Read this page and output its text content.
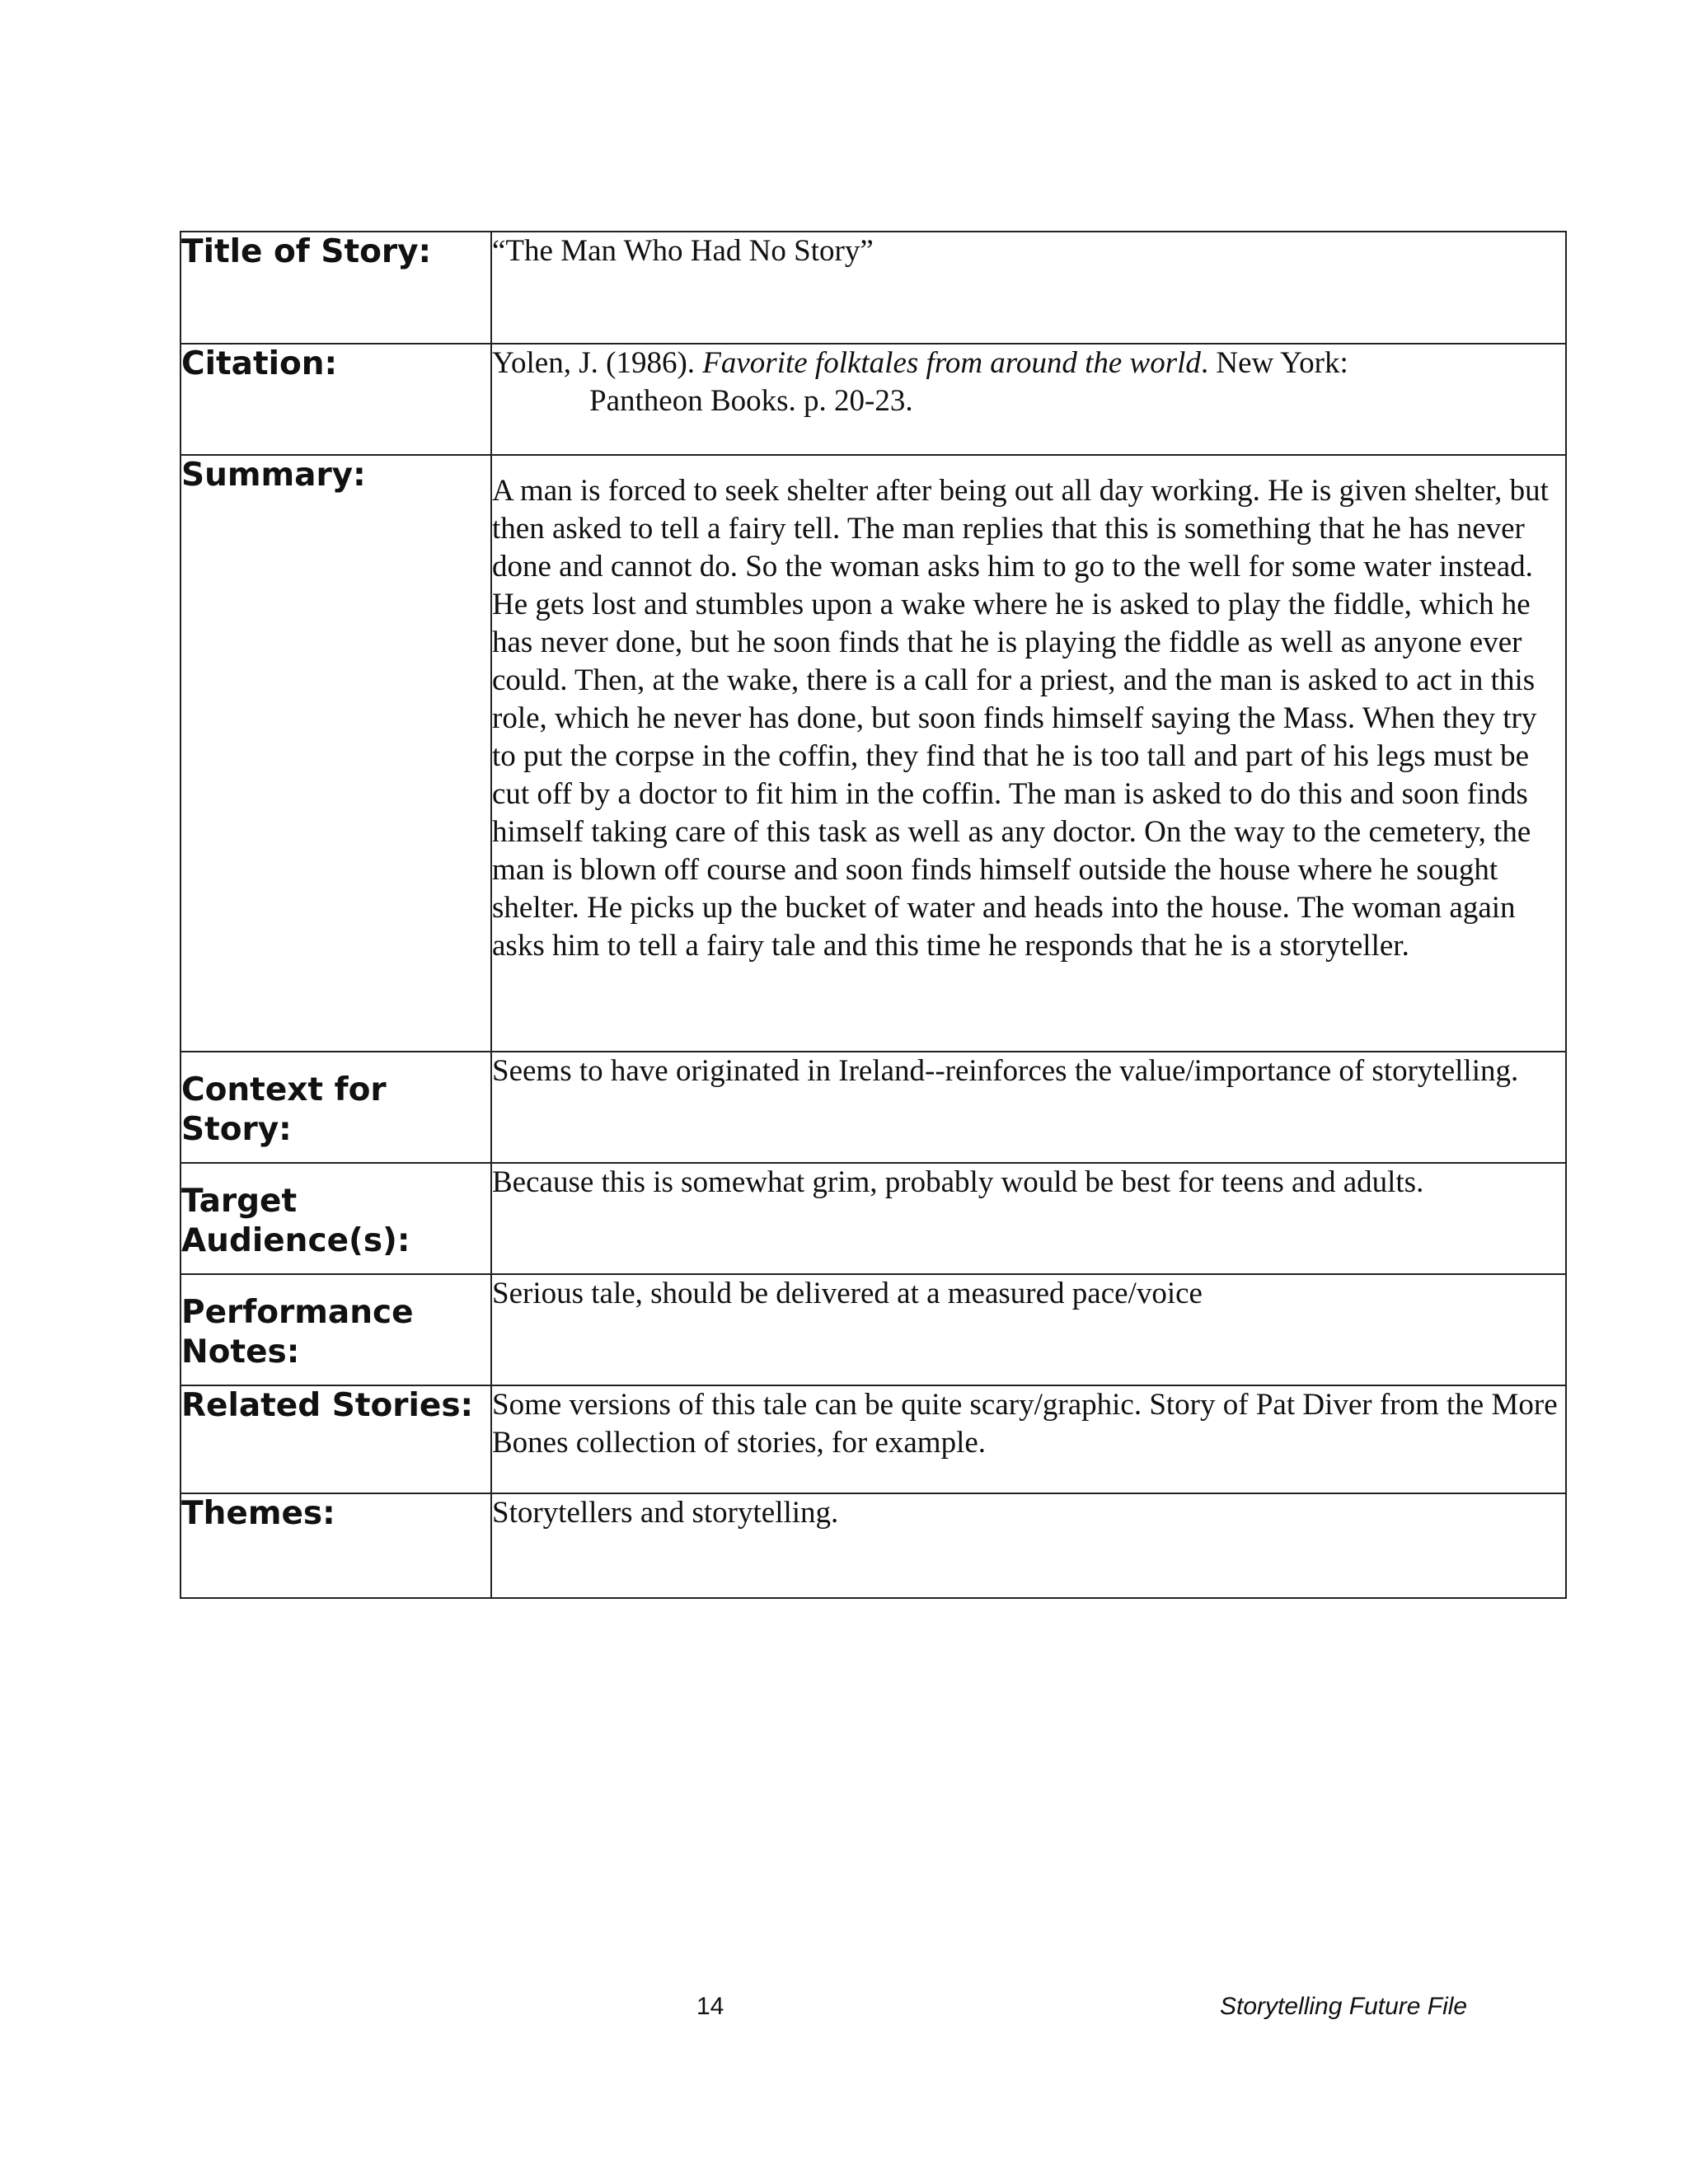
Title of Story:	“The Man Who Had No Story”
Citation:	Yolen, J. (1986). Favorite folktales from around the world. New York:
Pantheon Books. p. 20-23.

Summary:	A man is forced to seek shelter after being out all day working. He is given shelter, but then asked to tell a fairy tell. The man replies that this is something that he has never done and cannot do. So the woman asks him to go to the well for some water instead. He gets lost and stumbles upon a wake where he is asked to play the fiddle, which he has never done, but he soon finds that he is playing the fiddle as well as anyone ever could. Then, at the wake, there is a call for a priest, and the man is asked to act in this role, which he never has done, but soon finds himself saying the Mass. When they try to put the corpse in the coffin, they find that he is too tall and part of his legs must be cut off by a doctor to fit him in the coffin. The man is asked to do this and soon finds himself taking care of this task as well as any doctor. On the way to the cemetery, the man is blown off course and soon finds himself outside the house where he sought shelter. He picks up the bucket of water and heads into the house. The woman again asks him to tell a fairy tale and this time he responds that he is a storyteller.
Context for
Story:	Seems to have originated in Ireland--reinforces the value/importance of storytelling.
Target
Audience(s):	Because this is somewhat grim, probably would be best for teens and adults.
Performance
Notes:	Serious tale, should be delivered at a measured pace/voice
Related Stories:	Some versions of this tale can be quite scary/graphic. Story of Pat Diver from the More Bones collection of stories, for example.
Themes:	Storytellers and storytelling.
14	Storytelling Future File
